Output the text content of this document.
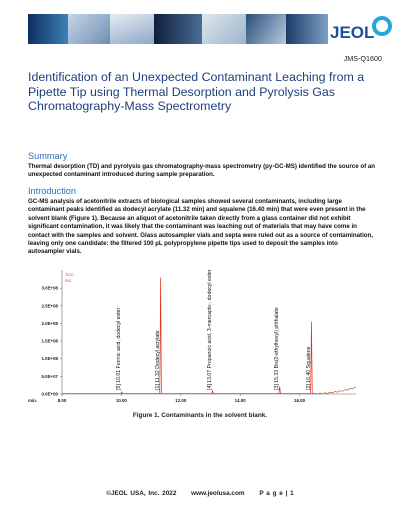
JEOL
JMS-Q1600
Identification of an Unexpected Contaminant Leaching from a Pipette Tip using Thermal Desorption and Pyrolysis Gas Chromatography-Mass Spectrometry
Summary

Thermal desorption (TD) and pyrolysis gas chromatography-mass spectrometry (py-GC-MS) identified the source of an unexpected contaminant introduced during sample preparation.

Introduction

GC-MS analysis of acetonitrile extracts of biological samples showed several contaminants, including large contaminant peaks identified as dodecyl acrylate (11.32 min) and squalene (16.40 min) that were even present in the solvent blank (Figure 1). Because an aliquot of acetonitrile taken directly from a glass container did not exhibit significant contamination, it was likely that the contaminant was leaching out of materials that may have come in contact with the samples and solvent. Glass autosampler vials and septa were ruled out as a source of contamination, leaving only one candidate: the filtered 100 µL polypropylene pipette tips used to deposit the samples into autosampler vials.

TICC
RIC
0.0E+00
5.0E+07
1.0E+08
1.5E+08
2.0E+08
2.5E+08
3.0E+08
8.00	10.00	12.00	14.00	16.00
min.
[5] 10.01 Formic acid, dodecyl ester	[1] 11.32 Dodecyl acrylate	[4] 13.07 Propanoic acid, 3-mercapto-, dodecyl ester	[3] 15.33 Bis(2-ethylhexyl) phthalate	[2] 16.40 Squalene
Figure 1. Contaminants in the solvent blank.
©JEOL USA, Inc. 2022 www.jeolusa.com P a g e | 1
